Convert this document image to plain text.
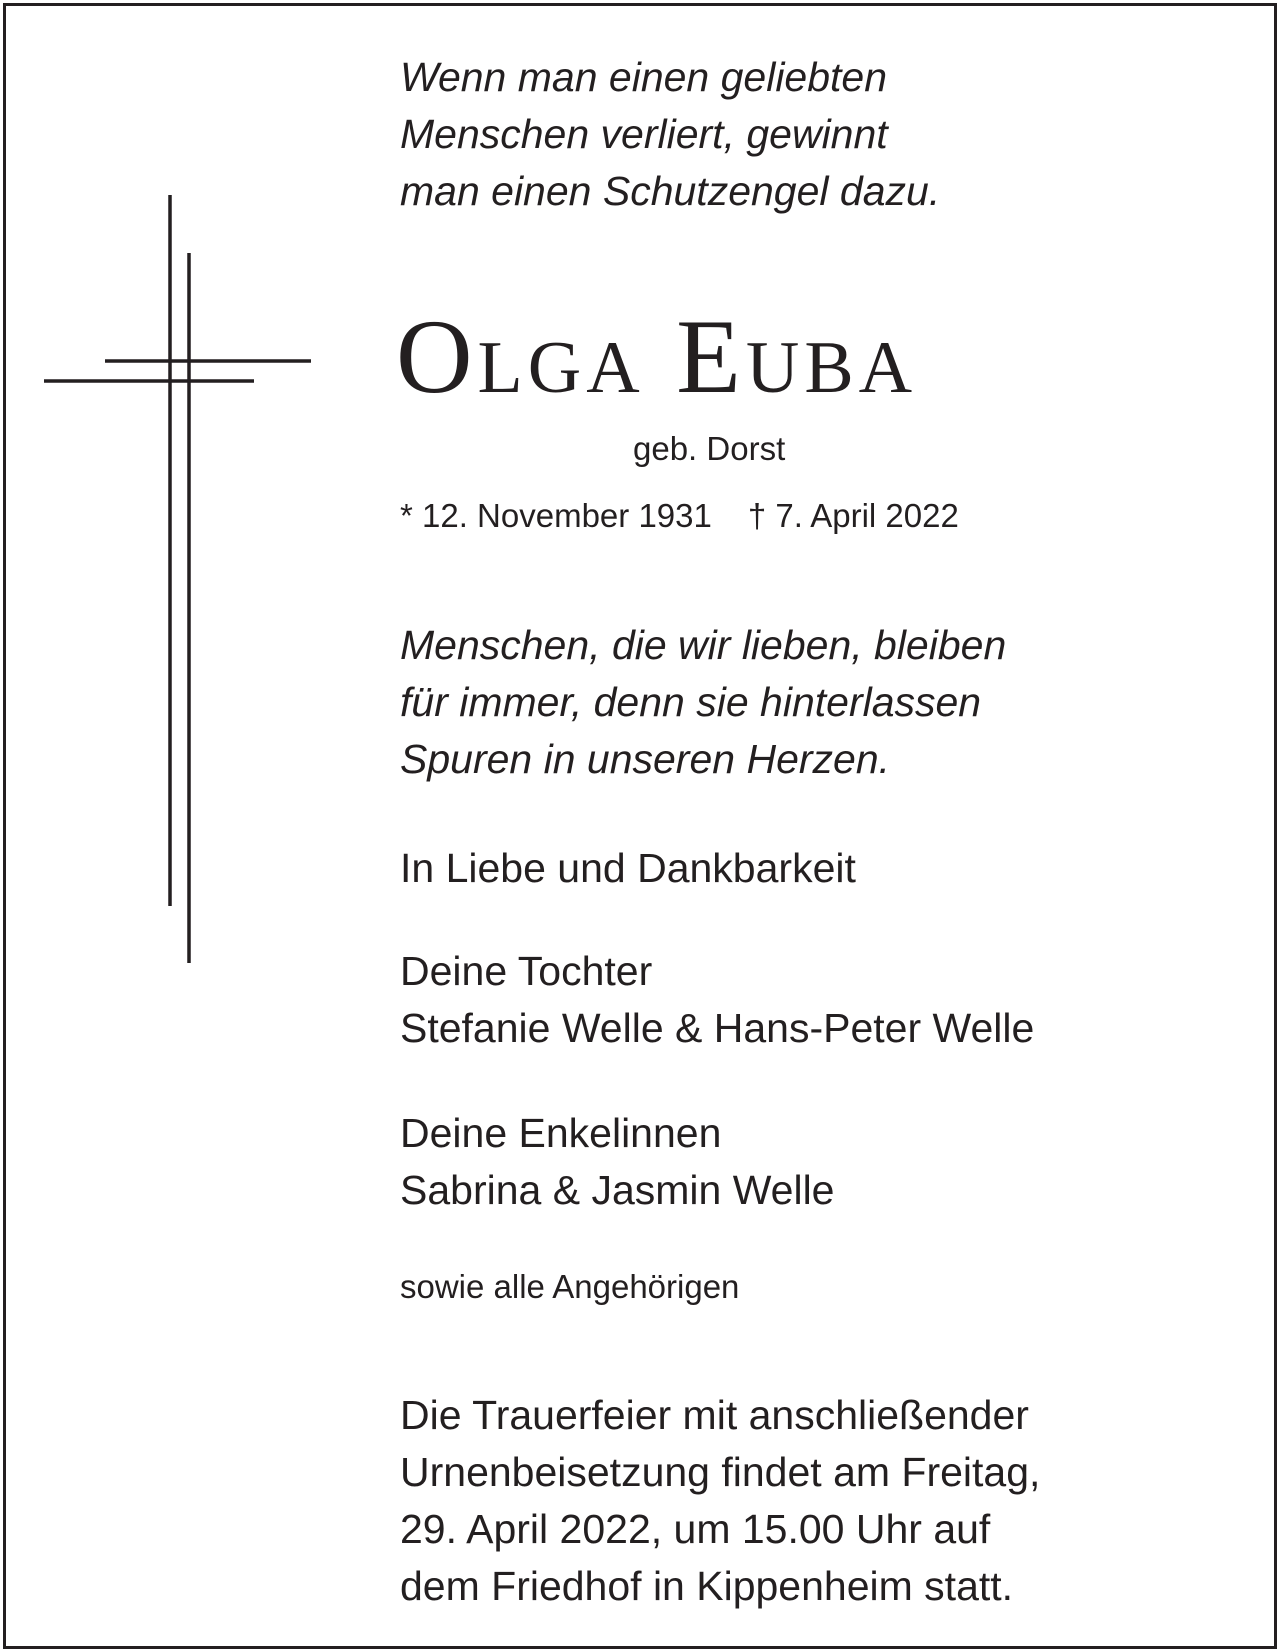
Wenn man einen geliebten
Menschen verliert, gewinnt
man einen Schutzengel dazu.
Olga Euba
geb. Dorst
* 12. November 1931 † 7. April 2022
Menschen, die wir lieben, bleiben
für immer, denn sie hinterlassen
Spuren in unseren Herzen.
In Liebe und Dankbarkeit
Deine Tochter
Stefanie Welle & Hans-Peter Welle
Deine Enkelinnen
Sabrina & Jasmin Welle
sowie alle Angehörigen
Die Trauerfeier mit anschließender
Urnenbeisetzung findet am Freitag,
29. April 2022, um 15.00 Uhr auf
dem Friedhof in Kippenheim statt.
